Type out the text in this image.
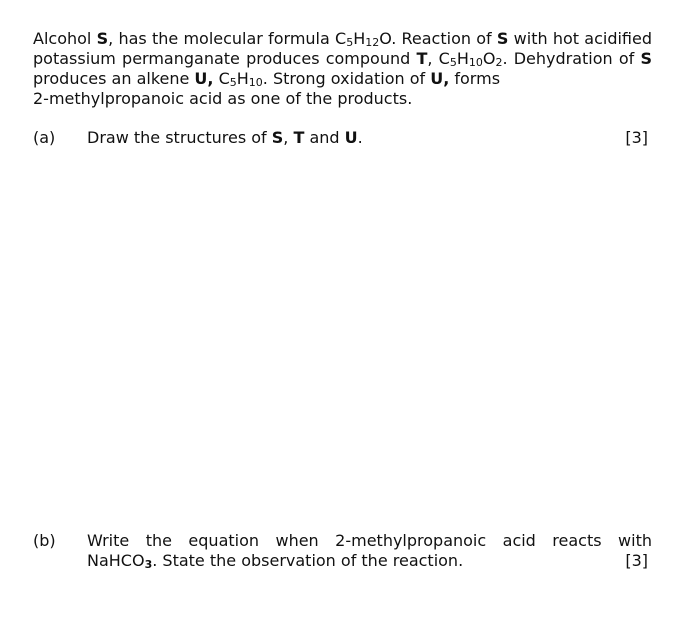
Alcohol S, has the molecular formula $C_5H_{12}O$. Reaction of S with hot acidified potassium permanganate produces compound T, $C_5H_{10}O_2$. Dehydration of S produces an alkene U, $C_5H_{10}$. Strong oxidation of U, forms
2-methylpropanoic acid as one of the products.

(a) Draw the structures of S, T and U.	[3]
(b) Write the equation when 2-methylpropanoic acid reacts with
NaHCO$_3$. State the observation of the reaction.	[3]
